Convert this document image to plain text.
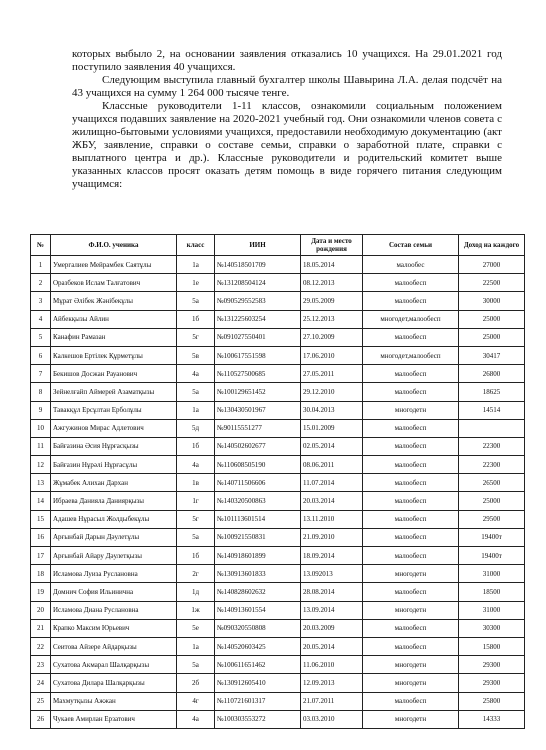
которых выбыло 2, на основании заявления отказались 10 учащихся. На 29.01.2021 год поступило заявления 40 учащихся.

Следующим выступила главный бухгалтер школы Шавырина Л.А. делая подсчёт на 43 учащихся на сумму 1 264 000 тысяче тенге.

Классные руководители 1-11 классов, ознакомили социальным положением учащихся подавших заявление на 2020-2021 учебный год. Они ознакомили членов совета с жилищно-бытовыми условиями учащихся, предоставили необходимую документацию (акт ЖБУ, заявление, справки о составе семьи, справки о заработной плате, справки с выплатного центра и др.). Классные руководители и родительский комитет выше указанных классов просят оказать детям помощь в виде горячего питания следующим учащимся:

№	Ф.И.О. ученика	класс	ИИН	Дата и место рождения	Состав семьи	Доход на каждого
1	Умергалиев Мейрамбек Саятұлы	1а	№140518501709	18.05.2014	малообес	27000
2	Оразбеков Ислам Талғатович	1е	№131208504124	08.12.2013	малообесп	22500
3	Мұрат Әлібек Жәнібекұлы	5а	№090529552583	29.05.2009	малообесп	30000
4	Айбекқызы Айлин	1б	№131225603254	25.12.2013	многодет,малообесп	25000
5	Канафин Рамазан	5г	№091027550401	27.10.2009	малообесп	25000
6	Калкешов Ертілек Құрметұлы	5в	№100617551598	17.06.2010	многодет,малообесп	30417
7	Бекишов Досжан Рауанович	4а	№110527500685	27.05.2011	малообесп	26800
8	Зейнелғайп Аймерей Азаматқызы	5а	№100129651452	29.12.2010	малообесп	18625
9	Тавакқұл Ерсұлтан Ерболұлы	1а	№130430501967	30.04.2013	многодетн	14514
10	Ажгужинов Мирас Адлетович	5д	№90115551277	15.01.2009	малообесп	
11	Байғазина Әсия Нұрғасқызы	1б	№140502602677	02.05.2014	малообесп	22300
12	Байғазин Нұрәлі Нұрғасұлы	4а	№110608505190	08.06.2011	малообесп	22300
13	Жұмабек Алихан Дархан	1в	№140711506606	11.07.2014	малообесп	26500
14	Ибраева Данияла Даниярқызы	1г	№140320500863	20.03.2014	малообесп	25000
15	Адашев Нұрасыл Жолдыбекұлы	5г	№101113601514	13.11.2010	малообесп	29500
16	Арғынбай Дарын Дәулетұлы	5а	№100921550831	21.09.2010	малообесп	19400т
17	Арғынбай Айару Дәулетқызы	1б	№140918601899	18.09.2014	малообесп	19400т
18	Исламова Луиза Руслановна	2г	№130913601833	13.092013	многодетн	31000
19	Домнич София Ильинична	1д	№140828602632	28.08.2014	малообесп	18500
20	Исламова Диана Руслановна	1ж	№140913601554	13.09.2014	многодетн	31000
21	Крапко Максим Юрьевич	5е	№090320550808	20.03.2009	малообесп	30300
22	Сеитова Айзере Айдарқызы	1а	№140520603425	20.05.2014	малообесп	15800
23	Сухатова Акмарал Шалқарқызы	5а	№100611651462	11.06.2010	многодетн	29300
24	Сухатова Дилара Шалқарқызы	2б	№130912605410	12.09.2013	многодетн	29300
25	Махмутқызы Ажжан	4г	№110721601317	21.07.2011	малообесп	25800
26	Чукаев Амирлан Ерзатович	4а	№100303553272	03.03.2010	многодетн	14333
